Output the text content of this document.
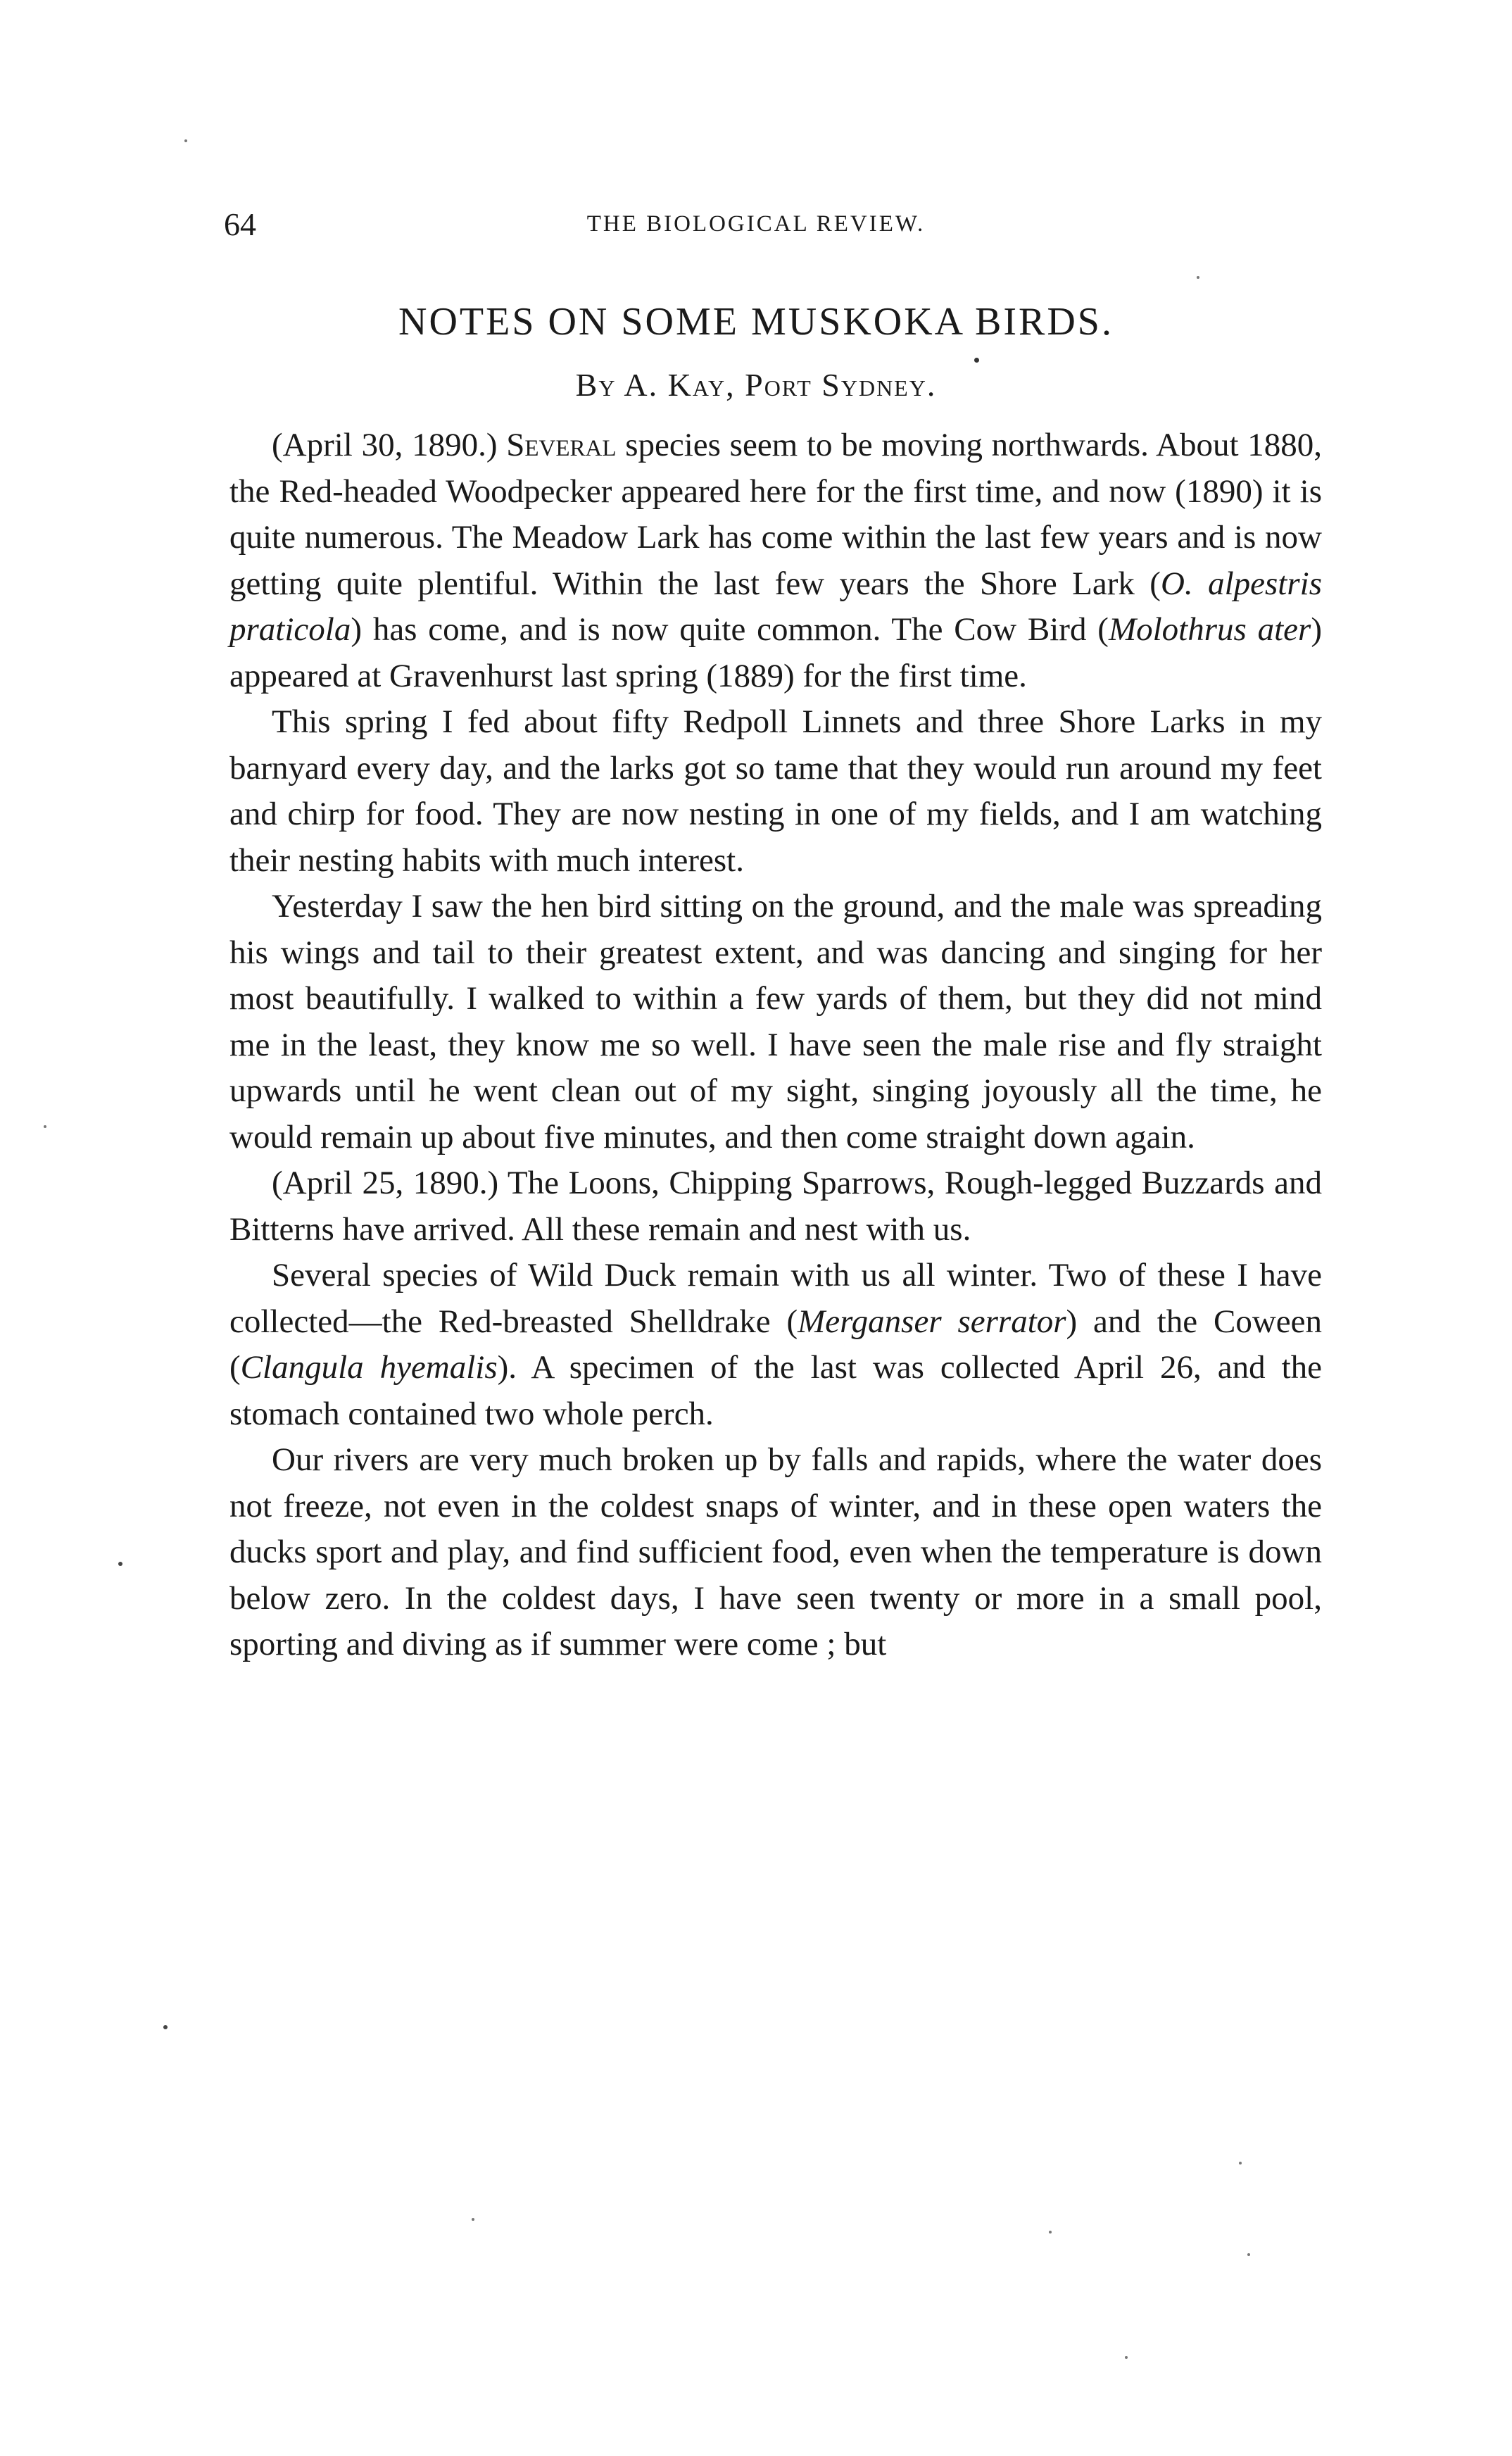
64	THE BIOLOGICAL REVIEW.
NOTES ON SOME MUSKOKA BIRDS.
By A. Kay, Port Sydney.

(April 30, 1890.) Several species seem to be moving northwards. About 1880, the Red-headed Woodpecker appeared here for the first time, and now (1890) it is quite numerous. The Meadow Lark has come within the last few years and is now getting quite plentiful. Within the last few years the Shore Lark (O. alpestris praticola) has come, and is now quite common. The Cow Bird (Molothrus ater) appeared at Gravenhurst last spring (1889) for the first time.

This spring I fed about fifty Redpoll Linnets and three Shore Larks in my barnyard every day, and the larks got so tame that they would run around my feet and chirp for food. They are now nesting in one of my fields, and I am watching their nesting habits with much interest.

Yesterday I saw the hen bird sitting on the ground, and the male was spreading his wings and tail to their greatest extent, and was dancing and singing for her most beautifully. I walked to within a few yards of them, but they did not mind me in the least, they know me so well. I have seen the male rise and fly straight upwards until he went clean out of my sight, singing joyously all the time, he would remain up about five minutes, and then come straight down again.

(April 25, 1890.) The Loons, Chipping Sparrows, Rough-legged Buzzards and Bitterns have arrived. All these remain and nest with us.

Several species of Wild Duck remain with us all winter. Two of these I have collected—the Red-breasted Shelldrake (Merganser serrator) and the Coween (Clangula hyemalis). A specimen of the last was collected April 26, and the stomach contained two whole perch.

Our rivers are very much broken up by falls and rapids, where the water does not freeze, not even in the coldest snaps of winter, and in these open waters the ducks sport and play, and find sufficient food, even when the temperature is down below zero. In the coldest days, I have seen twenty or more in a small pool, sporting and diving as if summer were come ; but
